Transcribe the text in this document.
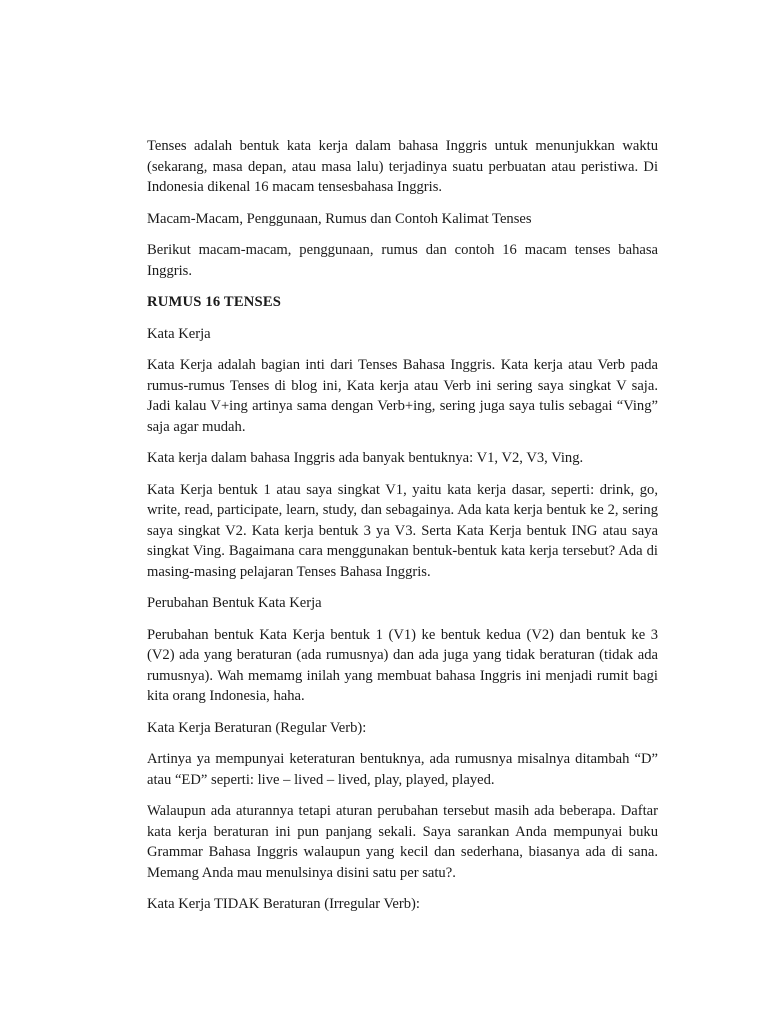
Tenses adalah bentuk kata kerja dalam bahasa Inggris untuk menunjukkan waktu (sekarang, masa depan, atau masa lalu) terjadinya suatu perbuatan atau peristiwa. Di Indonesia dikenal 16 macam tensesbahasa Inggris.

Macam-Macam, Penggunaan, Rumus dan Contoh Kalimat Tenses

Berikut macam-macam, penggunaan, rumus dan contoh 16 macam tenses bahasa Inggris.

RUMUS 16 TENSES

Kata Kerja

Kata Kerja adalah bagian inti dari Tenses Bahasa Inggris. Kata kerja atau Verb pada rumus-rumus Tenses di blog ini, Kata kerja atau Verb ini sering saya singkat V saja. Jadi kalau V+ing artinya sama dengan Verb+ing, sering juga saya tulis sebagai “Ving” saja agar mudah.

Kata kerja dalam bahasa Inggris ada banyak bentuknya: V1, V2, V3, Ving.

Kata Kerja bentuk 1 atau saya singkat V1, yaitu kata kerja dasar, seperti: drink, go, write, read, participate, learn, study, dan sebagainya. Ada kata kerja bentuk ke 2, sering saya singkat V2. Kata kerja bentuk 3 ya V3. Serta Kata Kerja bentuk ING atau saya singkat Ving. Bagaimana cara menggunakan bentuk-bentuk kata kerja tersebut? Ada di masing-masing pelajaran Tenses Bahasa Inggris.

Perubahan Bentuk Kata Kerja

Perubahan bentuk Kata Kerja bentuk 1 (V1) ke bentuk kedua (V2) dan bentuk ke 3 (V2) ada yang beraturan (ada rumusnya) dan ada juga yang tidak beraturan (tidak ada rumusnya). Wah memamg inilah yang membuat bahasa Inggris ini menjadi rumit bagi kita orang Indonesia, haha.

Kata Kerja Beraturan (Regular Verb):

Artinya ya mempunyai keteraturan bentuknya, ada rumusnya misalnya ditambah “D” atau “ED” seperti: live – lived – lived, play, played, played.

Walaupun ada aturannya tetapi aturan perubahan tersebut masih ada beberapa. Daftar kata kerja beraturan ini pun panjang sekali. Saya sarankan Anda mempunyai buku Grammar Bahasa Inggris walaupun yang kecil dan sederhana, biasanya ada di sana. Memang Anda mau menulsinya disini satu per satu?.

Kata Kerja TIDAK Beraturan (Irregular Verb):
